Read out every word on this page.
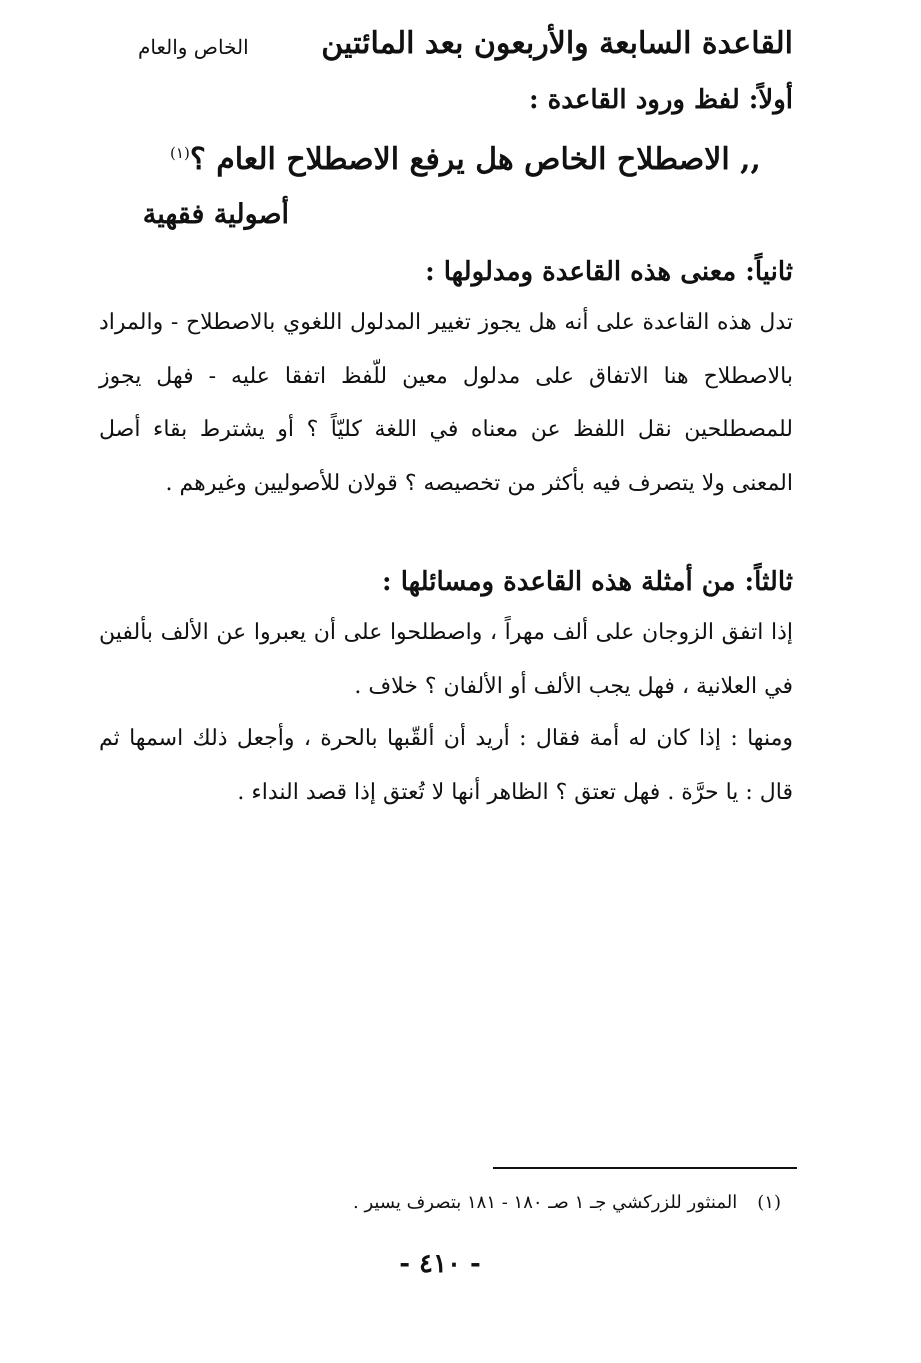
القاعدة السابعة والأربعون بعد المائتين
الخاص والعام
أولاً: لفظ ورود القاعدة :
,, الاصطلاح الخاص هل يرفع الاصطلاح العام ؟$^{(١)}$
أصولية فقهية
ثانياً: معنى هذه القاعدة ومدلولها :

تدل هذه القاعدة على أنه هل يجوز تغيير المدلول اللغوي بالاصطلاح - والمراد بالاصطلاح هنا الاتفاق على مدلول معين للّفظ اتفقا عليه - فهل يجوز للمصطلحين نقل اللفظ عن معناه في اللغة كليّاً ؟ أو يشترط بقاء أصل المعنى ولا يتصرف فيه بأكثر من تخصيصه ؟ قولان للأصوليين وغيرهم .

ثالثاً: من أمثلة هذه القاعدة ومسائلها :

إذا اتفق الزوجان على ألف مهراً ، واصطلحوا على أن يعبروا عن الألف بألفين في العلانية ، فهل يجب الألف أو الألفان ؟ خلاف .

ومنها : إذا كان له أمة فقال : أريد أن ألقّبها بالحرة ، وأجعل ذلك اسمها ثم قال : يا حرَّة . فهل تعتق ؟ الظاهر أنها لا تُعتق إذا قصد النداء .

(١)المنثور للزركشي جـ ١ صـ ١٨٠ - ١٨١ بتصرف يسير .
- ٤١٠ -
